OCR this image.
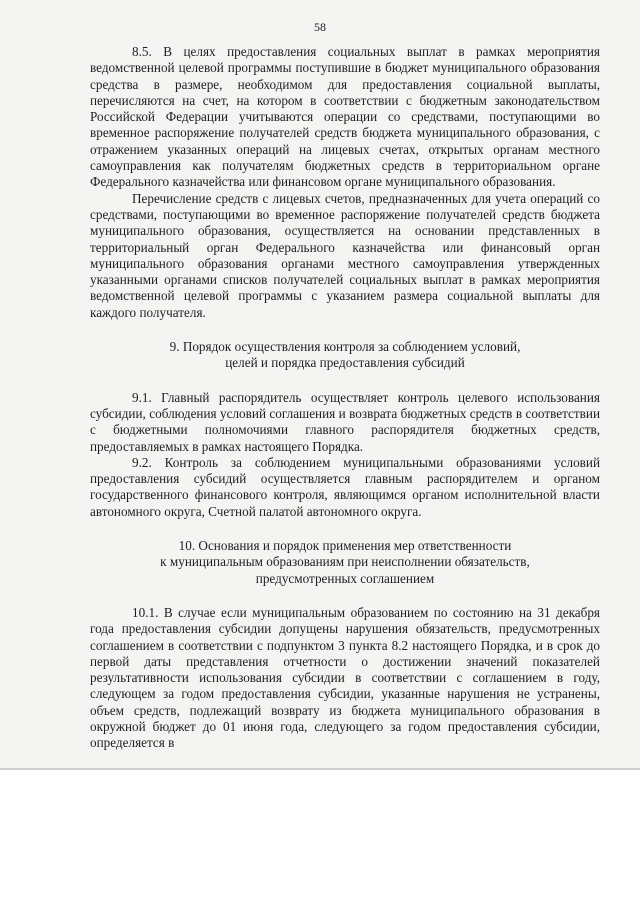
58

8.5. В целях предоставления социальных выплат в рамках мероприятия ведомственной целевой программы поступившие в бюджет муниципального образования средства в размере, необходимом для предоставления социальной выплаты, перечисляются на счет, на котором в соответствии с бюджетным законодательством Российской Федерации учитываются операции со средствами, поступающими во временное распоряжение получателей средств бюджета муниципального образования, с отражением указанных операций на лицевых счетах, открытых органам местного самоуправления как получателям бюджетных средств в территориальном органе Федерального казначейства или финансовом органе муниципального образования.

Перечисление средств с лицевых счетов, предназначенных для учета операций со средствами, поступающими во временное распоряжение получателей средств бюджета муниципального образования, осуществляется на основании представленных в территориальный орган Федерального казначейства или финансовый орган муниципального образования органами местного самоуправления утвержденных указанными органами списков получателей социальных выплат в рамках мероприятия ведомственной целевой программы с указанием размера социальной выплаты для каждого получателя.

9. Порядок осуществления контроля за соблюдением условий,
целей и порядка предоставления субсидий

9.1. Главный распорядитель осуществляет контроль целевого использования субсидии, соблюдения условий соглашения и возврата бюджетных средств в соответствии с бюджетными полномочиями главного распорядителя бюджетных средств, предоставляемых в рамках настоящего Порядка.

9.2. Контроль за соблюдением муниципальными образованиями условий предоставления субсидий осуществляется главным распорядителем и органом государственного финансового контроля, являющимся органом исполнительной власти автономного округа, Счетной палатой автономного округа.

10. Основания и порядок применения мер ответственности
к муниципальным образованиям при неисполнении обязательств,
предусмотренных соглашением

10.1. В случае если муниципальным образованием по состоянию на 31 декабря года предоставления субсидии допущены нарушения обязательств, предусмотренных соглашением в соответствии с подпунктом 3 пункта 8.2 настоящего Порядка, и в срок до первой даты представления отчетности о достижении значений показателей результативности использования субсидии в соответствии с соглашением в году, следующем за годом предоставления субсидии, указанные нарушения не устранены, объем средств, подлежащий возврату из бюджета муниципального образования в окружной бюджет до 01 июня года, следующего за годом предоставления субсидии, определяется в
